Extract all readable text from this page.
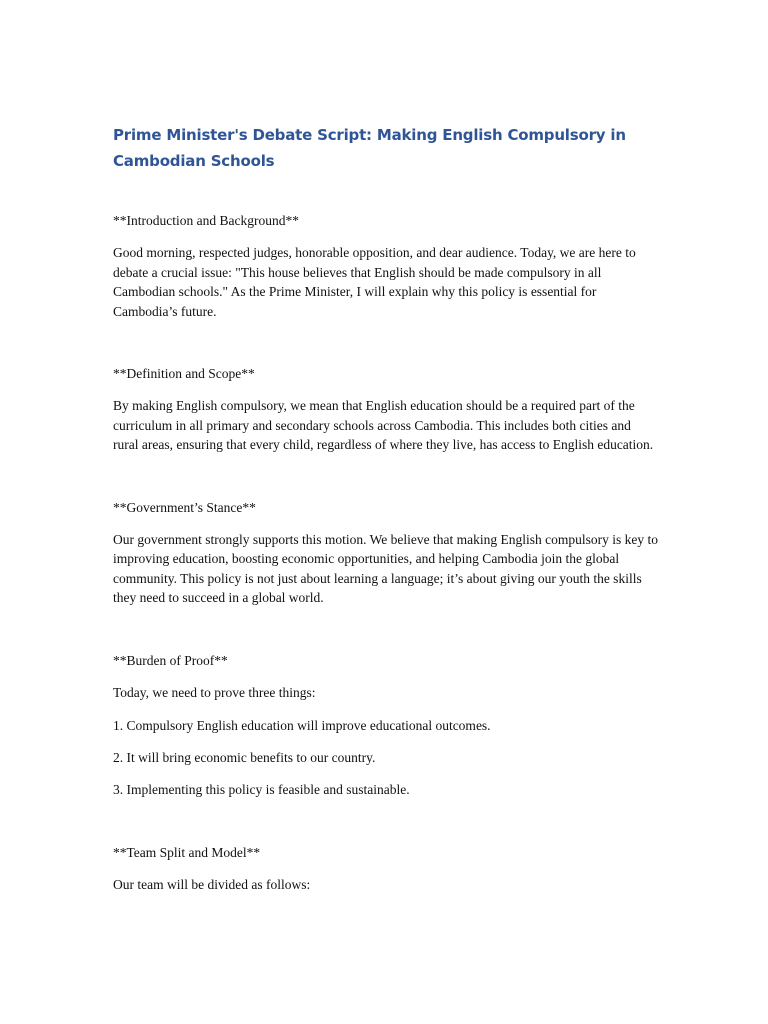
Prime Minister's Debate Script: Making English Compulsory in Cambodian Schools

**Introduction and Background**

Good morning, respected judges, honorable opposition, and dear audience. Today, we are here to debate a crucial issue: "This house believes that English should be made compulsory in all Cambodian schools." As the Prime Minister, I will explain why this policy is essential for Cambodia’s future.

**Definition and Scope**

By making English compulsory, we mean that English education should be a required part of the curriculum in all primary and secondary schools across Cambodia. This includes both cities and rural areas, ensuring that every child, regardless of where they live, has access to English education.

**Government’s Stance**

Our government strongly supports this motion. We believe that making English compulsory is key to improving education, boosting economic opportunities, and helping Cambodia join the global community. This policy is not just about learning a language; it’s about giving our youth the skills they need to succeed in a global world.

**Burden of Proof**

Today, we need to prove three things:

1. Compulsory English education will improve educational outcomes.

2. It will bring economic benefits to our country.

3. Implementing this policy is feasible and sustainable.

**Team Split and Model**

Our team will be divided as follows:
